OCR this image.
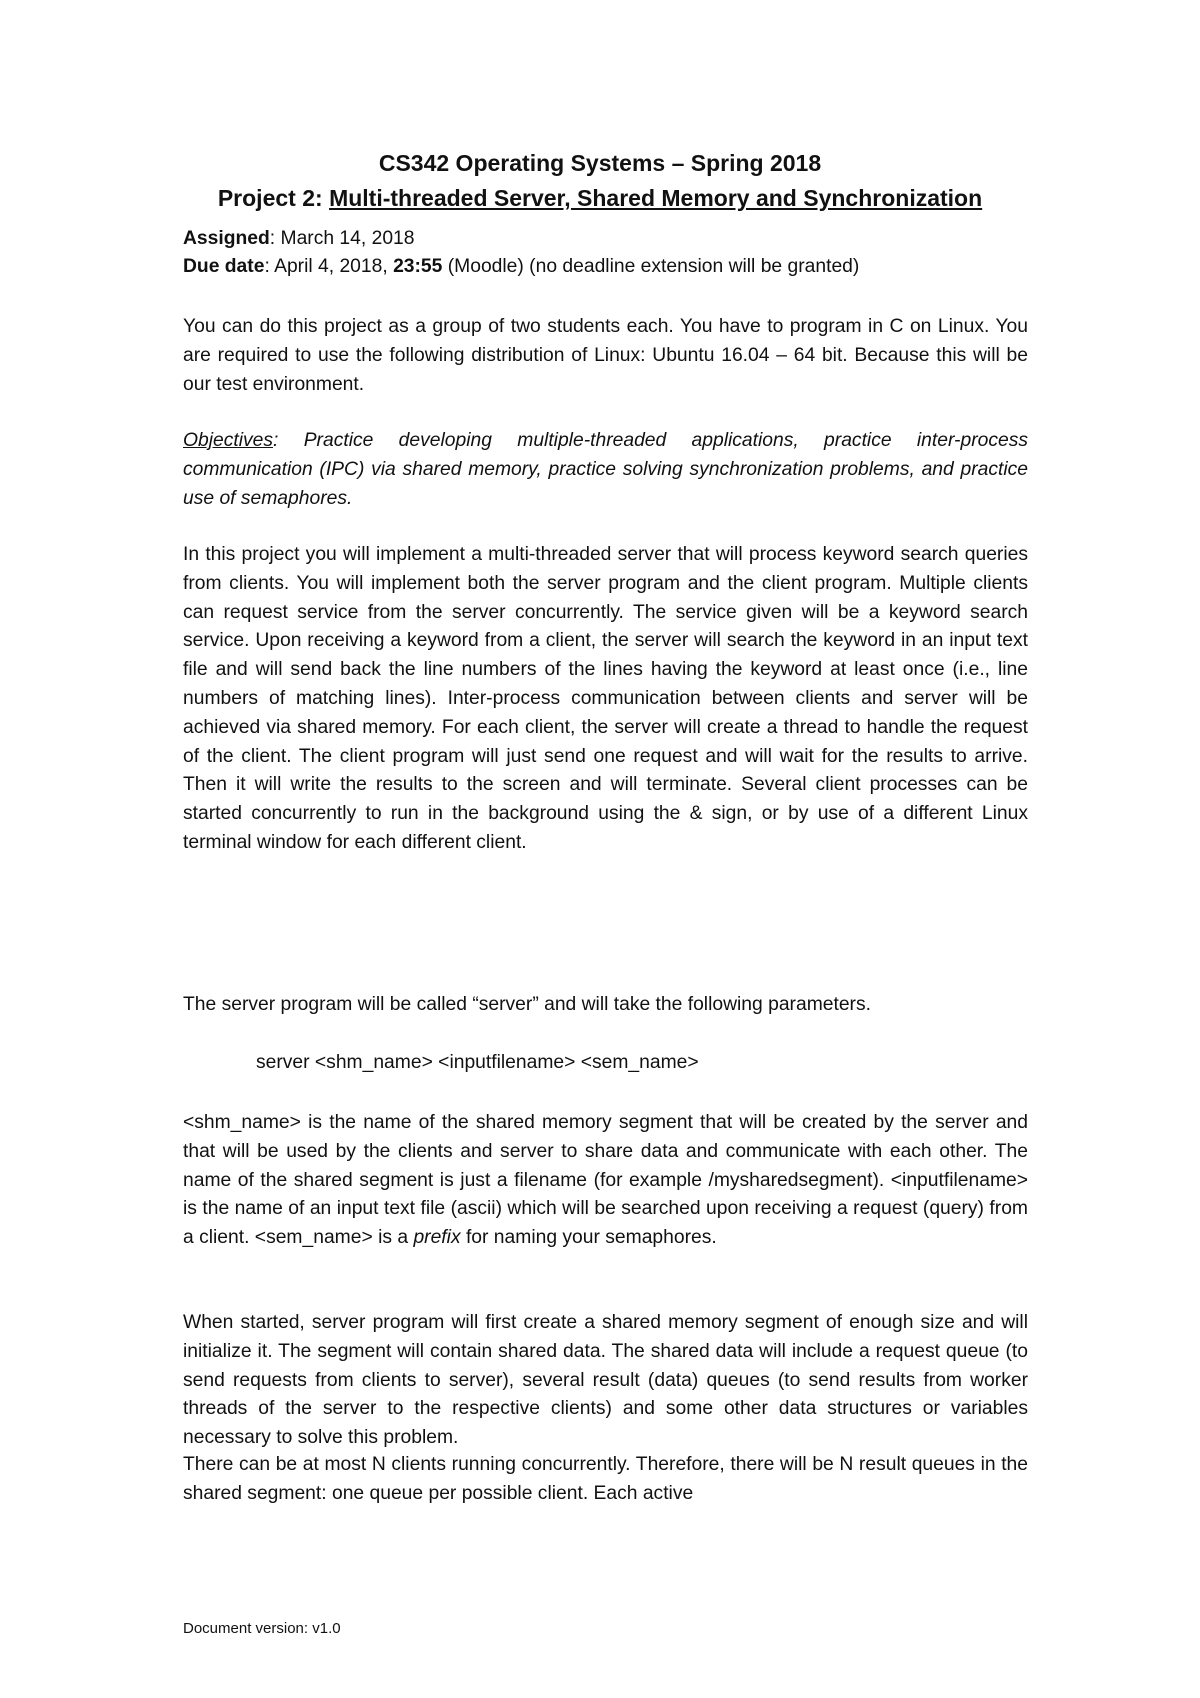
CS342 Operating Systems – Spring 2018
Project 2: Multi-threaded Server, Shared Memory and Synchronization
Assigned: March 14, 2018
Due date: April 4, 2018, 23:55 (Moodle) (no deadline extension will be granted)
You can do this project as a group of two students each. You have to program in C on Linux. You are required to use the following distribution of Linux: Ubuntu 16.04 – 64 bit. Because this will be our test environment.
Objectives: Practice developing multiple-threaded applications, practice inter-process communication (IPC) via shared memory, practice solving synchronization problems, and practice use of semaphores.
In this project you will implement a multi-threaded server that will process keyword search queries from clients. You will implement both the server program and the client program. Multiple clients can request service from the server concurrently. The service given will be a keyword search service. Upon receiving a keyword from a client, the server will search the keyword in an input text file and will send back the line numbers of the lines having the keyword at least once (i.e., line numbers of matching lines). Inter-process communication between clients and server will be achieved via shared memory. For each client, the server will create a thread to handle the request of the client. The client program will just send one request and will wait for the results to arrive. Then it will write the results to the screen and will terminate. Several client processes can be started concurrently to run in the background using the & sign, or by use of a different Linux terminal window for each different client.
The server program will be called “server” and will take the following parameters.
server <shm_name> <inputfilename> <sem_name>
<shm_name> is the name of the shared memory segment that will be created by the server and that will be used by the clients and server to share data and communicate with each other. The name of the shared segment is just a filename (for example /mysharedsegment). <inputfilename> is the name of an input text file (ascii) which will be searched upon receiving a request (query) from a client. <sem_name> is a prefix for naming your semaphores.
When started, server program will first create a shared memory segment of enough size and will initialize it. The segment will contain shared data. The shared data will include a request queue (to send requests from clients to server), several result (data) queues (to send results from worker threads of the server to the respective clients) and some other data structures or variables necessary to solve this problem.
There can be at most N clients running concurrently. Therefore, there will be N result queues in the shared segment: one queue per possible client. Each active
Document version: v1.0
